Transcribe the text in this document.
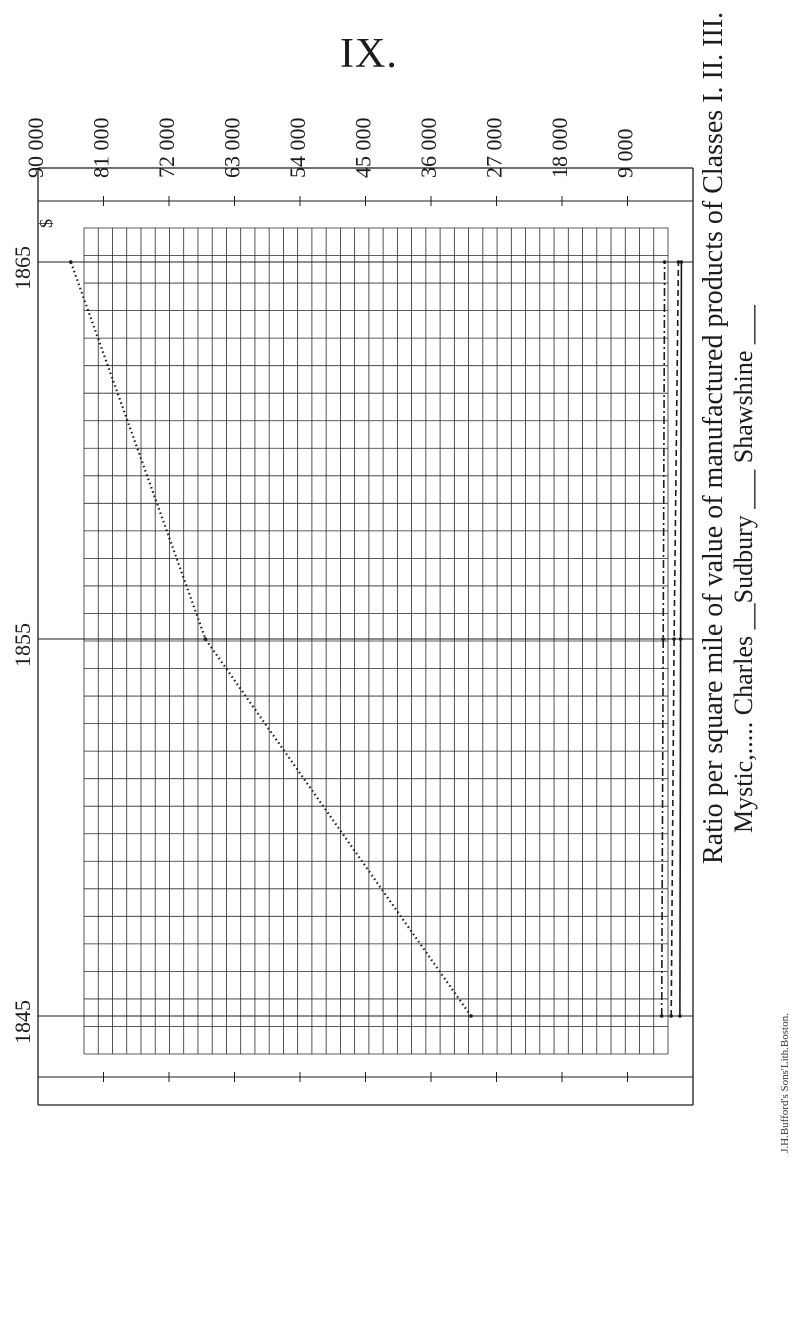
IX.
90 000 81 000 72 000 63 000 54 000 45 000 36 000 27 000 18 000 9 000
$
1865
1855
1845
Ratio per square mile of value of manufactured products of Classes I. II. III. Mystic,..... Charles __Sudbury ___ Shawshine ___
J.H.Bufford's Sons'Lith.Boston.
